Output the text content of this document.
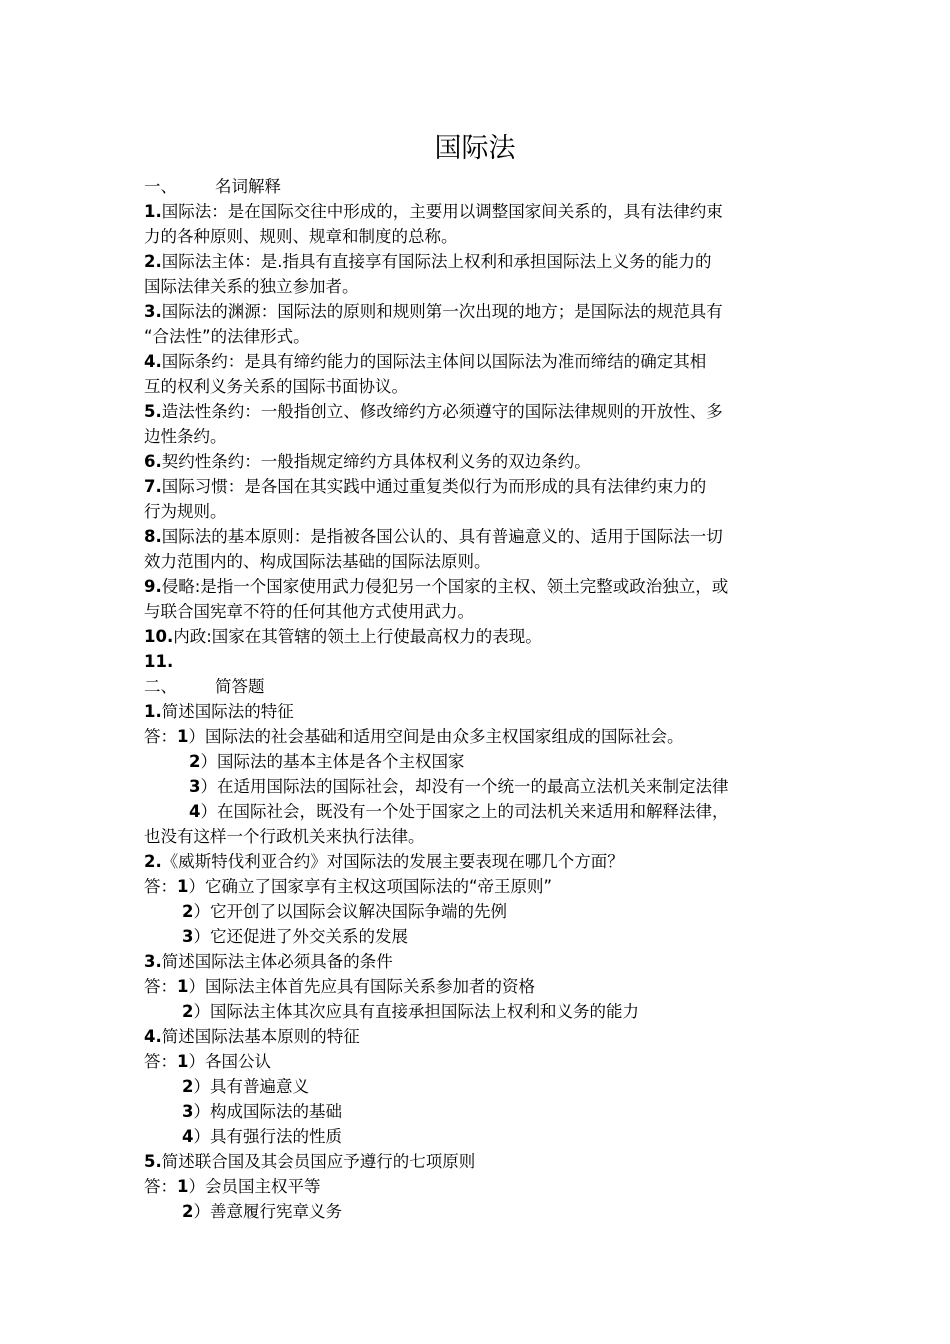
国际法
一、 名词解释
1.国际法：是在国际交往中形成的，主要用以调整国家间关系的，具有法律约束
力的各种原则、规则、规章和制度的总称。
2.国际法主体：是.指具有直接享有国际法上权利和承担国际法上义务的能力的
国际法律关系的独立参加者。
3.国际法的渊源：国际法的原则和规则第一次出现的地方；是国际法的规范具有
“合法性”的法律形式。
4.国际条约：是具有缔约能力的国际法主体间以国际法为准而缔结的确定其相
互的权利义务关系的国际书面协议。
5.造法性条约：一般指创立、修改缔约方必须遵守的国际法律规则的开放性、多
边性条约。
6.契约性条约：一般指规定缔约方具体权利义务的双边条约。
7.国际习惯：是各国在其实践中通过重复类似行为而形成的具有法律约束力的
行为规则。
8.国际法的基本原则：是指被各国公认的、具有普遍意义的、适用于国际法一切
效力范围内的、构成国际法基础的国际法原则。
9.侵略:是指一个国家使用武力侵犯另一个国家的主权、领土完整或政治独立，或
与联合国宪章不符的任何其他方式使用武力。
10.内政:国家在其管辖的领土上行使最高权力的表现。
11.
二、 简答题
1.简述国际法的特征
答：1）国际法的社会基础和适用空间是由众多主权国家组成的国际社会。
2）国际法的基本主体是各个主权国家
3）在适用国际法的国际社会，却没有一个统一的最高立法机关来制定法律
4）在国际社会，既没有一个处于国家之上的司法机关来适用和解释法律，
也没有这样一个行政机关来执行法律。
2.《威斯特伐利亚合约》对国际法的发展主要表现在哪几个方面？
答：1）它确立了国家享有主权这项国际法的“帝王原则”
2）它开创了以国际会议解决国际争端的先例
3）它还促进了外交关系的发展
3.简述国际法主体必须具备的条件
答：1）国际法主体首先应具有国际关系参加者的资格
2）国际法主体其次应具有直接承担国际法上权利和义务的能力
4.简述国际法基本原则的特征
答：1）各国公认
2）具有普遍意义
3）构成国际法的基础
4）具有强行法的性质
5.简述联合国及其会员国应予遵行的七项原则
答：1）会员国主权平等
2）善意履行宪章义务
